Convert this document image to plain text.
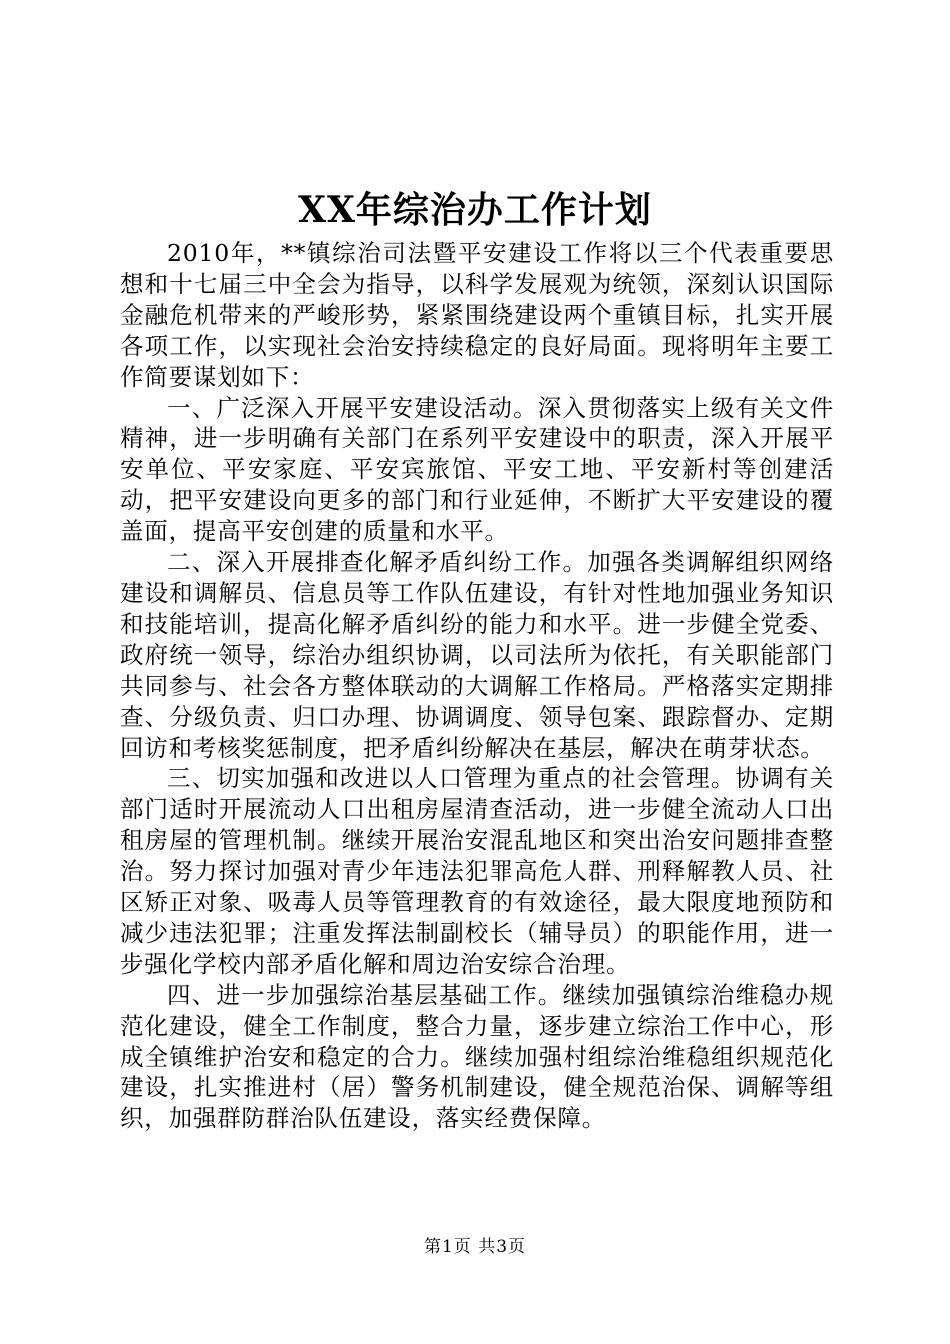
XX年综治办工作计划

2010年，**镇综治司法暨平安建设工作将以三个代表重要思想和十七届三中全会为指导，以科学发展观为统领，深刻认识国际金融危机带来的严峻形势，紧紧围绕建设两个重镇目标，扎实开展各项工作，以实现社会治安持续稳定的良好局面。现将明年主要工作简要谋划如下：

一、广泛深入开展平安建设活动。深入贯彻落实上级有关文件精神，进一步明确有关部门在系列平安建设中的职责，深入开展平安单位、平安家庭、平安宾旅馆、平安工地、平安新村等创建活动，把平安建设向更多的部门和行业延伸，不断扩大平安建设的覆盖面，提高平安创建的质量和水平。

二、深入开展排查化解矛盾纠纷工作。加强各类调解组织网络建设和调解员、信息员等工作队伍建设，有针对性地加强业务知识和技能培训，提高化解矛盾纠纷的能力和水平。进一步健全党委、政府统一领导，综治办组织协调，以司法所为依托，有关职能部门共同参与、社会各方整体联动的大调解工作格局。严格落实定期排查、分级负责、归口办理、协调调度、领导包案、跟踪督办、定期回访和考核奖惩制度，把矛盾纠纷解决在基层，解决在萌芽状态。

三、切实加强和改进以人口管理为重点的社会管理。协调有关部门适时开展流动人口出租房屋清查活动，进一步健全流动人口出租房屋的管理机制。继续开展治安混乱地区和突出治安问题排查整治。努力探讨加强对青少年违法犯罪高危人群、刑释解教人员、社区矫正对象、吸毒人员等管理教育的有效途径，最大限度地预防和减少违法犯罪；注重发挥法制副校长（辅导员）的职能作用，进一步强化学校内部矛盾化解和周边治安综合治理。

四、进一步加强综治基层基础工作。继续加强镇综治维稳办规范化建设，健全工作制度，整合力量，逐步建立综治工作中心，形成全镇维护治安和稳定的合力。继续加强村组综治维稳组织规范化建设，扎实推进村（居）警务机制建设，健全规范治保、调解等组织，加强群防群治队伍建设，落实经费保障。

第1页 共3页
